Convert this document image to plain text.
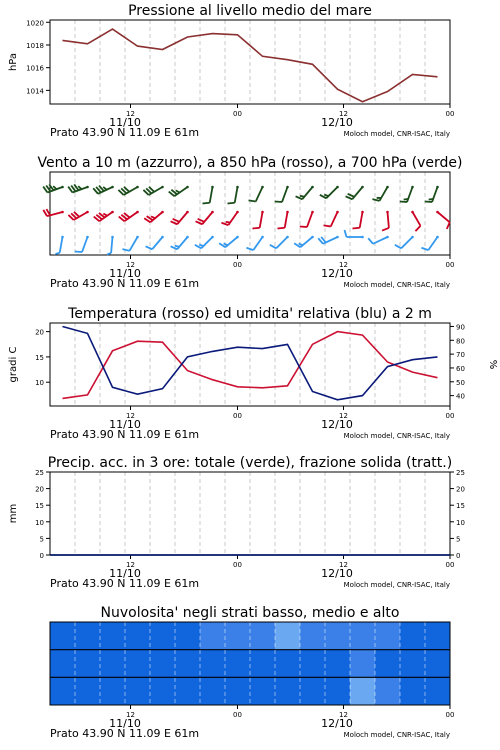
Pressione al livello medio del mare
12	00	12	00
11/10	12/10
Prato 43.90 N 11.09 E 61m	Moloch model, CNR-ISAC, Italy
1014
1016
1018
1020
hPa
Vento a 10 m (azzurro), a 850 hPa (rosso), a 700 hPa (verde)
12	00	12	00
11/10	12/10
Prato 43.90 N 11.09 E 61m	Moloch model, CNR-ISAC, Italy
Temperatura (rosso) ed umidita' relativa (blu) a 2 m
12	00	12	00
11/10	12/10
Prato 43.90 N 11.09 E 61m	Moloch model, CNR-ISAC, Italy
10
15
20
40
50
60
70
80
90
gradi C	%
Precip. acc. in 3 ore: totale (verde), frazione solida (tratt.)
12	00	12	00
11/10	12/10
Prato 43.90 N 11.09 E 61m	Moloch model, CNR-ISAC, Italy
0
5
10
15
20
25
0
5
10
15
20
25
mm
Nuvolosita' negli strati basso, medio e alto
12	00	12	00
11/10	12/10
Prato 43.90 N 11.09 E 61m	Moloch model, CNR-ISAC, Italy
